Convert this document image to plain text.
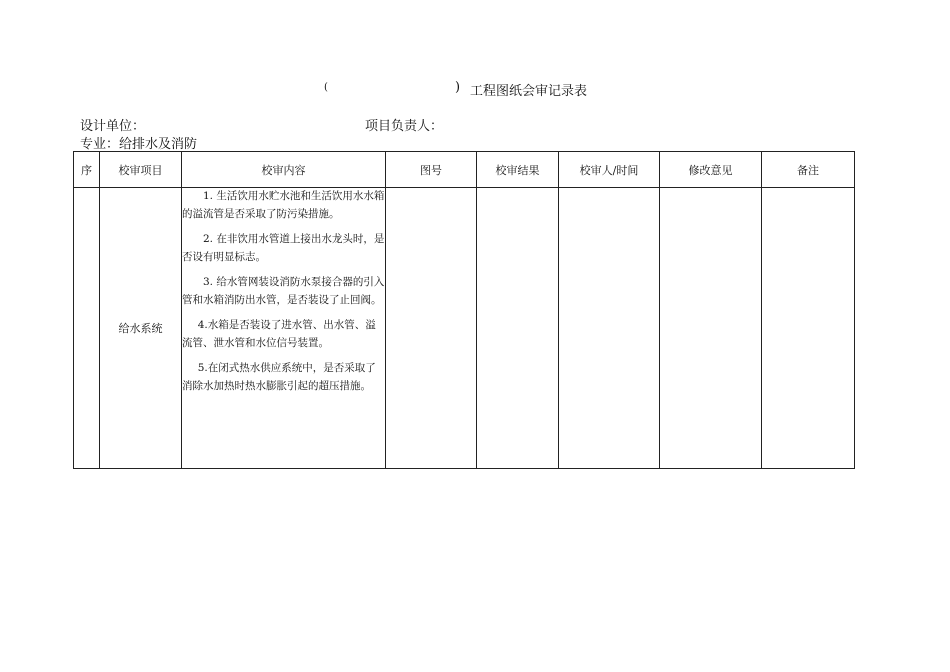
(	) 工程图纸会审记录表
设计单位：	项目负责人：
专业：给排水及消防
序	校审项目	校审内容	图号	校审结果	校审人/时间	修改意见	备注
	给水系统	1. 生活饮用水贮水池和生活饮用水水箱的溢流管是否采取了防污染措施。

2. 在非饮用水管道上接出水龙头时，是否设有明显标志。

3. 给水管网装设消防水泵接合器的引入管和水箱消防出水管，是否装设了止回阀。

4.水箱是否装设了进水管、出水管、溢流管、泄水管和水位信号装置。

5.在闭式热水供应系统中，是否采取了消除水加热时热水膨胀引起的超压措施。					
